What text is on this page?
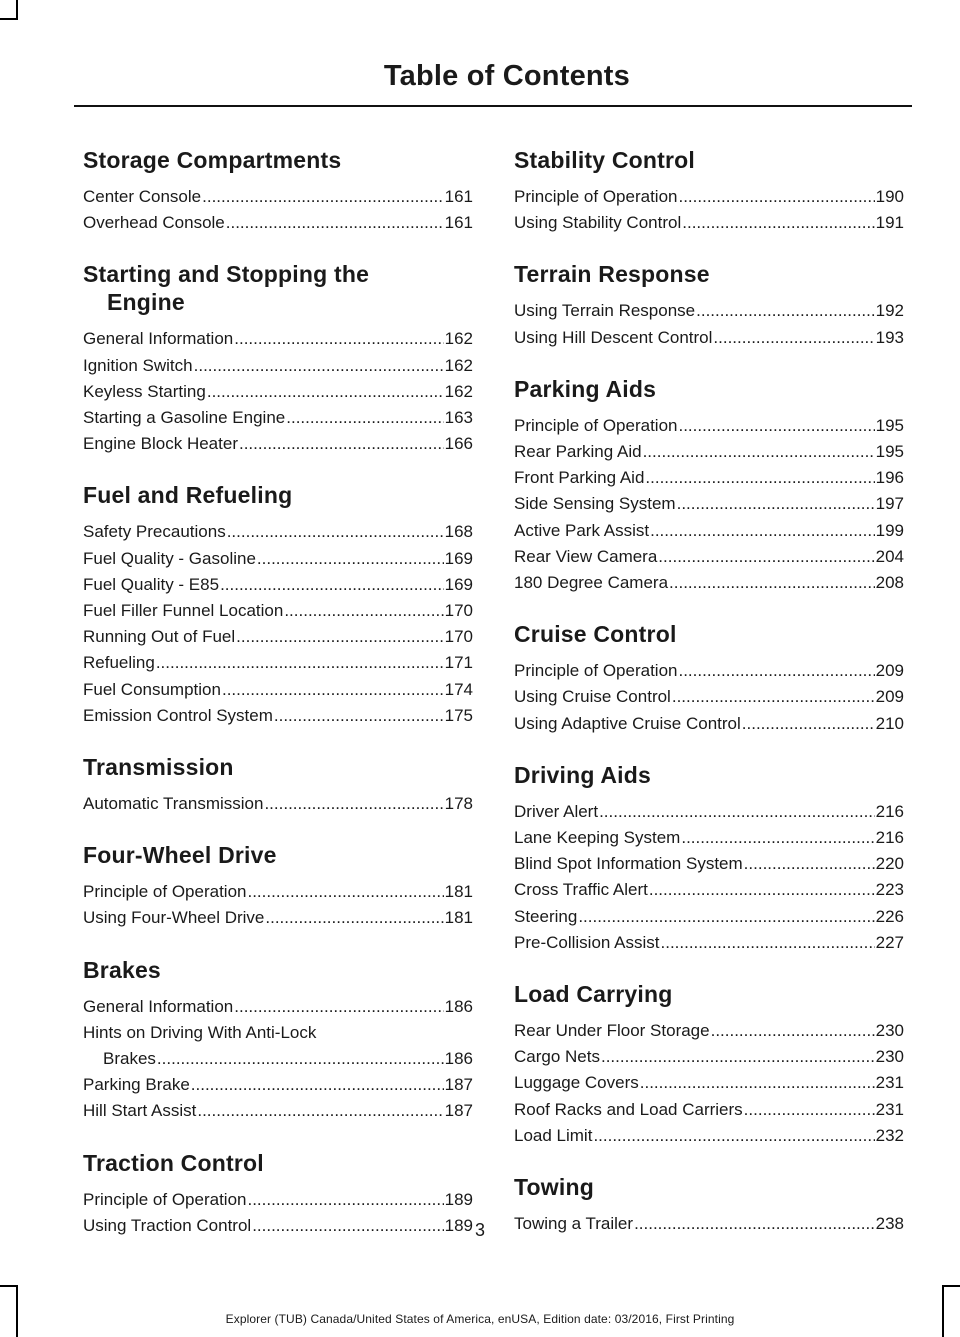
Table of Contents
Storage Compartments
Center Console .....	161
Overhead Console .....	161
Starting and Stopping the
Engine
General Information .....	162
Ignition Switch .....	162
Keyless Starting .....	162
Starting a Gasoline Engine .....	163
Engine Block Heater .....	166
Fuel and Refueling
Safety Precautions .....	168
Fuel Quality - Gasoline .....	169
Fuel Quality - E85 .....	169
Fuel Filler Funnel Location .....	170
Running Out of Fuel .....	170
Refueling .....	171
Fuel Consumption .....	174
Emission Control System .....	175
Transmission
Automatic Transmission .....	178
Four-Wheel Drive
Principle of Operation .....	181
Using Four-Wheel Drive .....	181
Brakes
General Information .....	186
Hints on Driving With Anti-Lock
Brakes .....	186
Parking Brake .....	187
Hill Start Assist .....	187
Traction Control
Principle of Operation .....	189
Using Traction Control .....	189
Stability Control
Principle of Operation .....	190
Using Stability Control .....	191
Terrain Response
Using Terrain Response .....	192
Using Hill Descent Control .....	193
Parking Aids
Principle of Operation .....	195
Rear Parking Aid .....	195
Front Parking Aid .....	196
Side Sensing System .....	197
Active Park Assist .....	199
Rear View Camera .....	204
180 Degree Camera .....	208
Cruise Control
Principle of Operation .....	209
Using Cruise Control .....	209
Using Adaptive Cruise Control .....	210
Driving Aids
Driver Alert .....	216
Lane Keeping System .....	216
Blind Spot Information System .....	220
Cross Traffic Alert .....	223
Steering .....	226
Pre-Collision Assist .....	227
Load Carrying
Rear Under Floor Storage .....	230
Cargo Nets .....	230
Luggage Covers .....	231
Roof Racks and Load Carriers .....	231
Load Limit .....	232
Towing
Towing a Trailer .....	238
3
Explorer (TUB) Canada/United States of America, enUSA, Edition date: 03/2016, First Printing
